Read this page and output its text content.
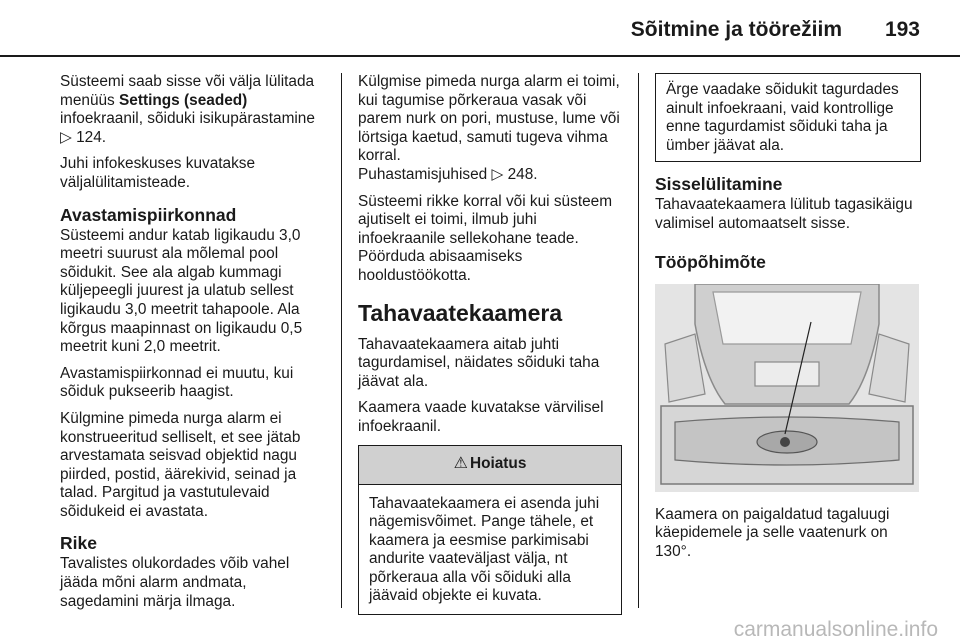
Sõitmine ja töörežiim 193

Süsteemi saab sisse või välja lülitada menüüs Settings (seaded) infoekraanil, sõiduki isikupärastamine ▷ 124.

Juhi infokeskuses kuvatakse väljalülitamisteade.

Avastamispiirkonnad

Süsteemi andur katab ligikaudu 3,0 meetri suurust ala mõlemal pool sõidukit. See ala algab kummagi küljepeegli juurest ja ulatub sellest ligikaudu 3,0 meetrit tahapoole. Ala kõrgus maapinnast on ligikaudu 0,5 meetrit kuni 2,0 meetrit.

Avastamispiirkonnad ei muutu, kui sõiduk pukseerib haagist.

Külgmine pimeda nurga alarm ei konstrueeritud selliselt, et see jätab arvestamata seisvad objektid nagu piirded, postid, äärekivid, seinad ja talad. Pargitud ja vastutulevaid sõidukeid ei avastata.

Rike

Tavalistes olukordades võib vahel jääda mõni alarm andmata, sagedamini märja ilmaga.

Külgmise pimeda nurga alarm ei toimi, kui tagumise põrkeraua vasak või parem nurk on pori, mustuse, lume või lörtsiga kaetud, samuti tugeva vihma korral.

Puhastamisjuhised ▷ 248.

Süsteemi rikke korral või kui süsteem ajutiselt ei toimi, ilmub juhi infoekraanile sellekohane teade. Pöörduda abisaamiseks hooldustöökotta.

Tahavaatekaamera

Tahavaatekaamera aitab juhti tagurdamisel, näidates sõiduki taha jäävat ala.

Kaamera vaade kuvatakse värvilisel infoekraanil.

⚠ Hoiatus
Tahavaatekaamera ei asenda juhi nägemisvõimet. Pange tähele, et kaamera ja eesmise parkimisabi andurite vaateväljast välja, nt põrkeraua alla või sõiduki alla jäävaid objekte ei kuvata.
Ärge vaadake sõidukit tagurdades ainult infoekraani, vaid kontrollige enne tagurdamist sõiduki taha ja ümber jäävat ala.
Sisselülitamine

Tahavaatekaamera lülitub tagasikäigu valimisel automaatselt sisse.

Tööpõhimõte

Kaamera on paigaldatud tagaluugi käepidemele ja selle vaatenurk on 130°.

carmanualsonline.info
